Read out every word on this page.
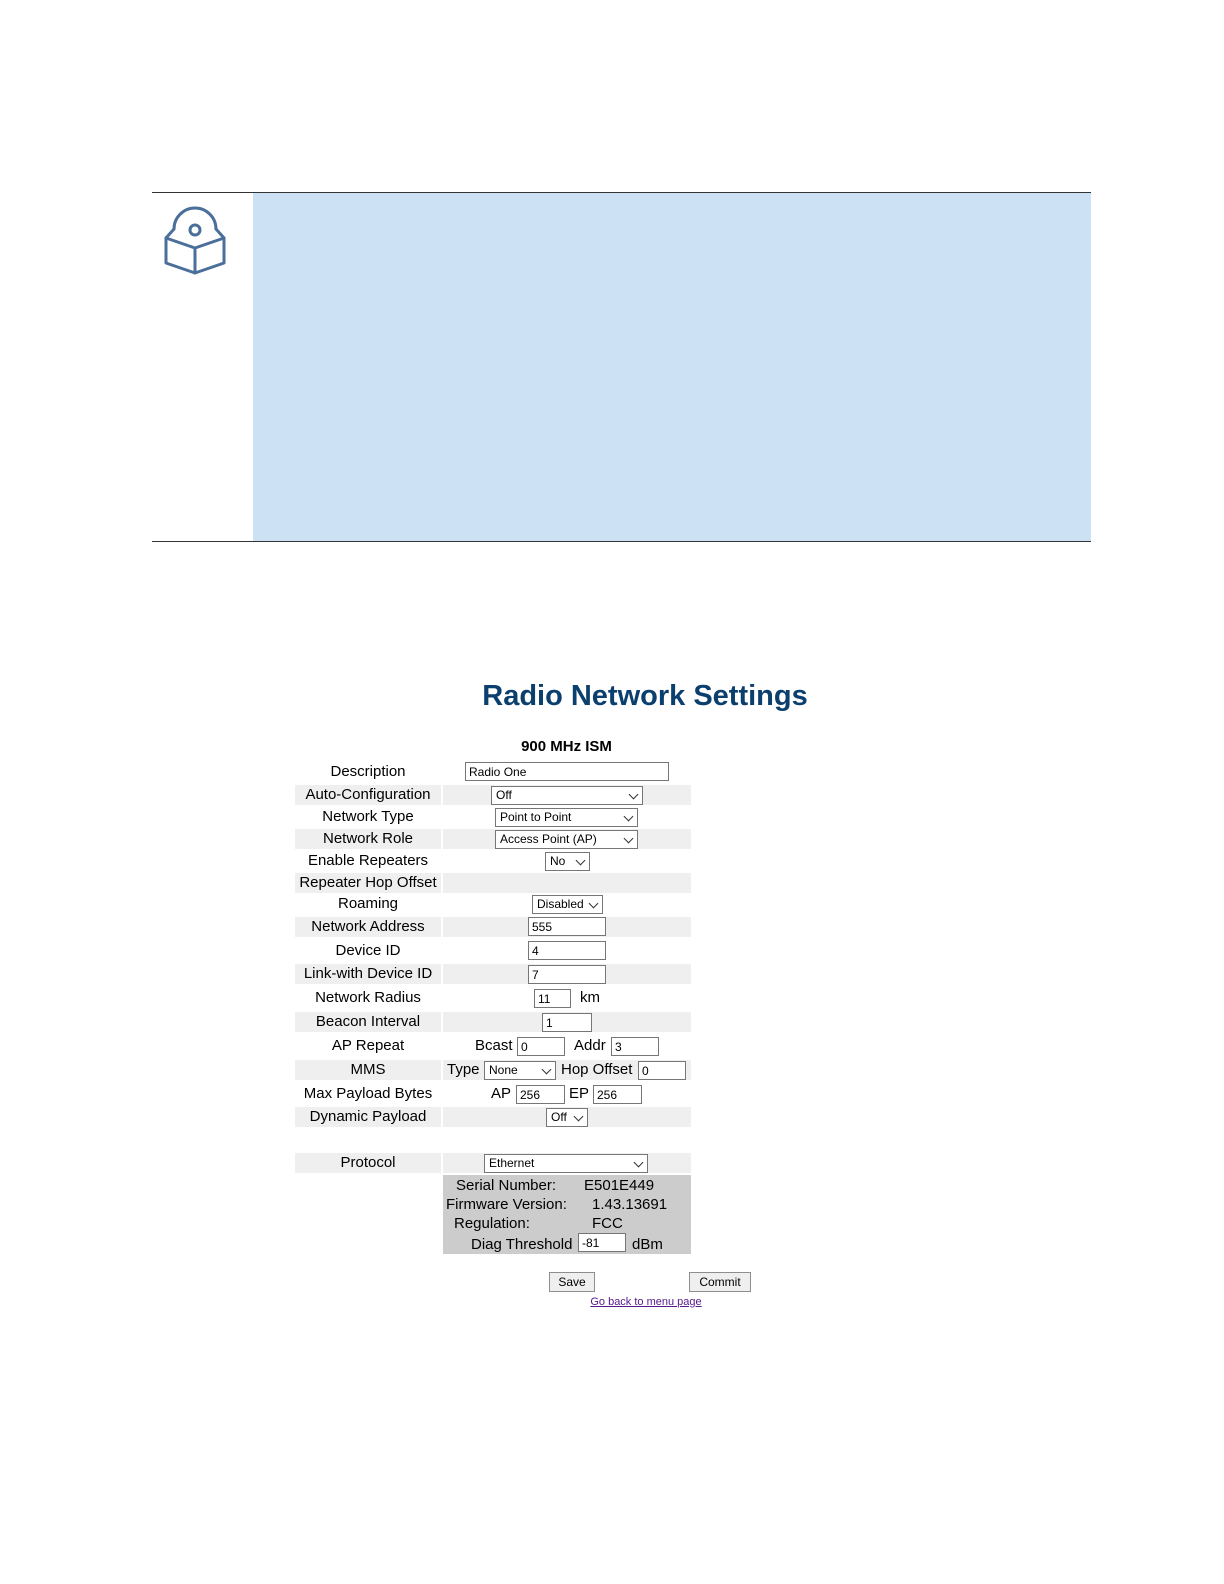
Radio Network Settings
900 MHz ISM
Description	Radio One
Auto-Configuration	Off
Network Type	Point to Point
Network Role	Access Point (AP)
Enable Repeaters	No
Repeater Hop Offset
Roaming	Disabled
Network Address	555
Device ID	4
Link-with Device ID	7
Network Radius	11	km
Beacon Interval	1
AP Repeat	Bcast 0	Addr 3
MMS	Type None	Hop Offset 0
Max Payload Bytes	AP 256	EP 256
Dynamic Payload	Off
Protocol	Ethernet
Serial Number: E501E449
Firmware Version: 1.43.13691
Regulation:	FCC
Diag Threshold -81	dBm
Save	Commit
Go back to menu page
